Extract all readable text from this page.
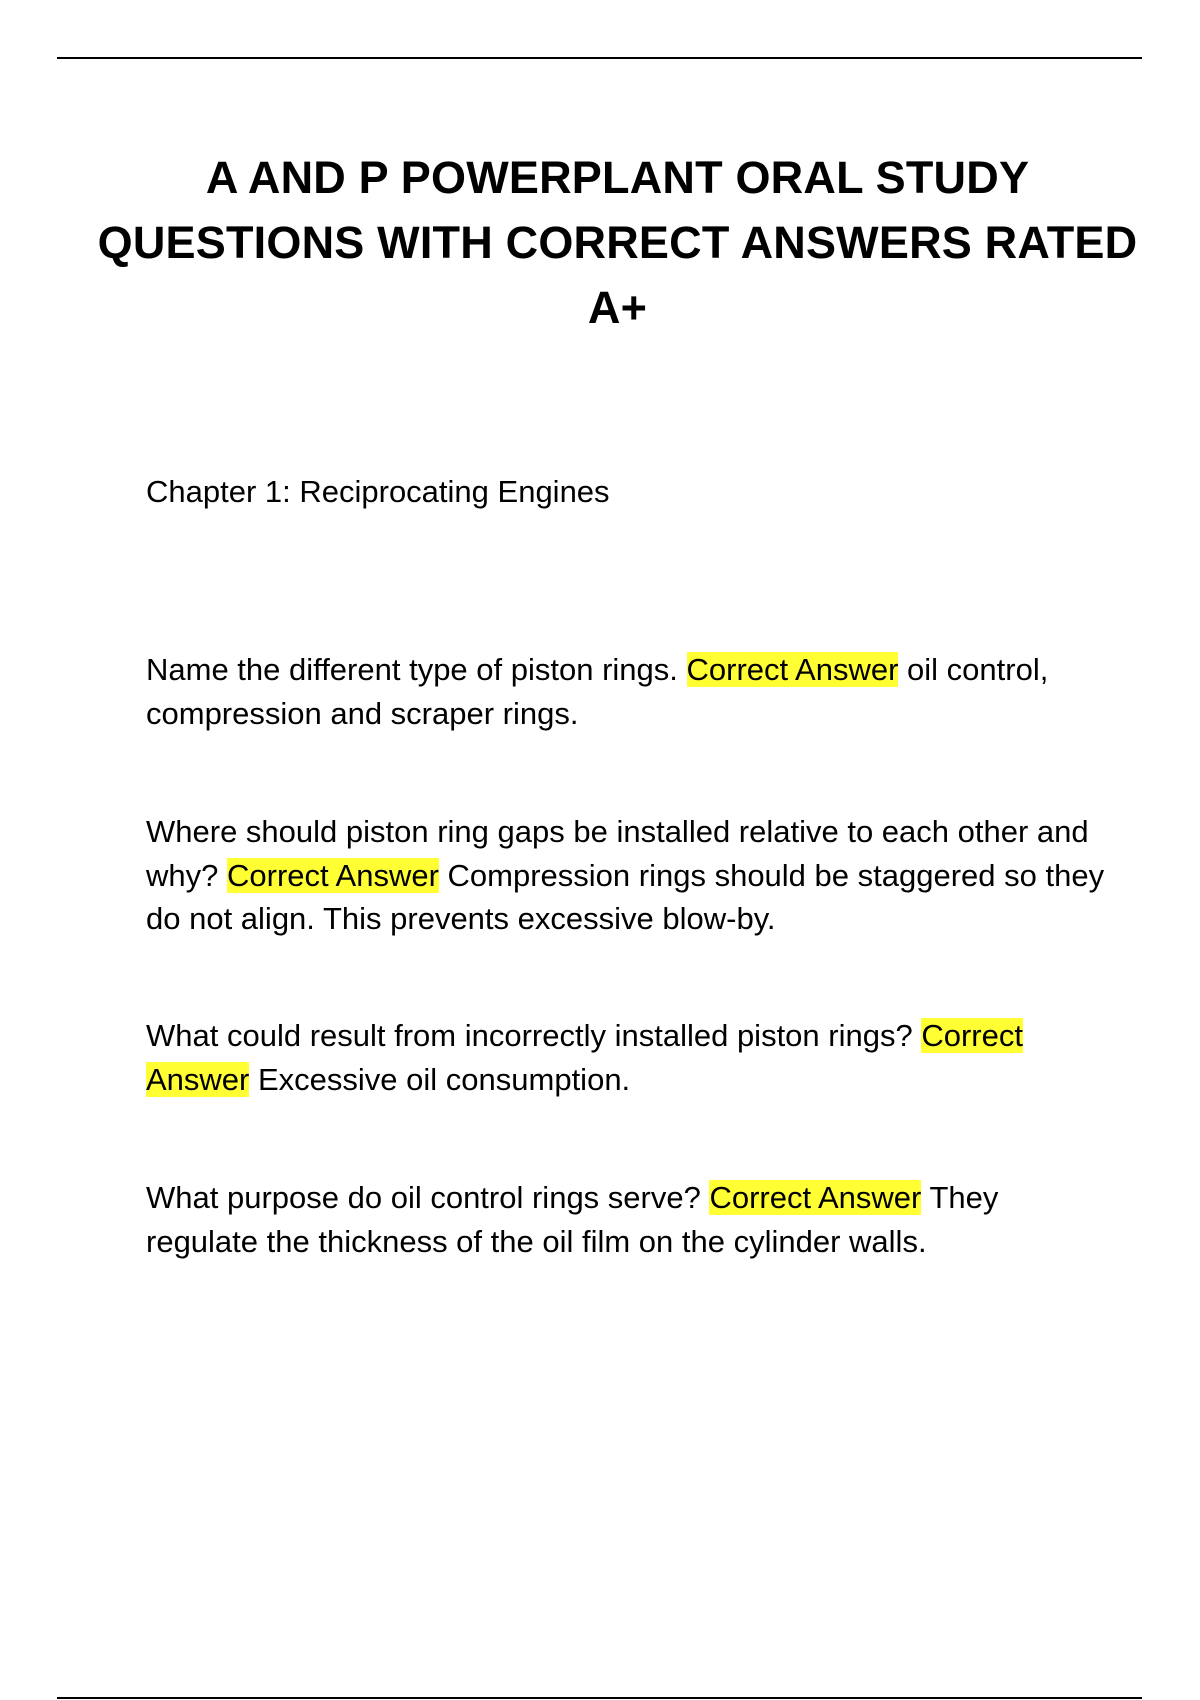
A AND P POWERPLANT ORAL STUDY QUESTIONS WITH CORRECT ANSWERS RATED A+

Chapter 1: Reciprocating Engines

Name the different type of piston rings. Correct Answer oil control, compression and scraper rings.

Where should piston ring gaps be installed relative to each other and why? Correct Answer Compression rings should be staggered so they do not align. This prevents excessive blow-by.

What could result from incorrectly installed piston rings? Correct Answer Excessive oil consumption.

What purpose do oil control rings serve? Correct Answer They regulate the thickness of the oil film on the cylinder walls.
